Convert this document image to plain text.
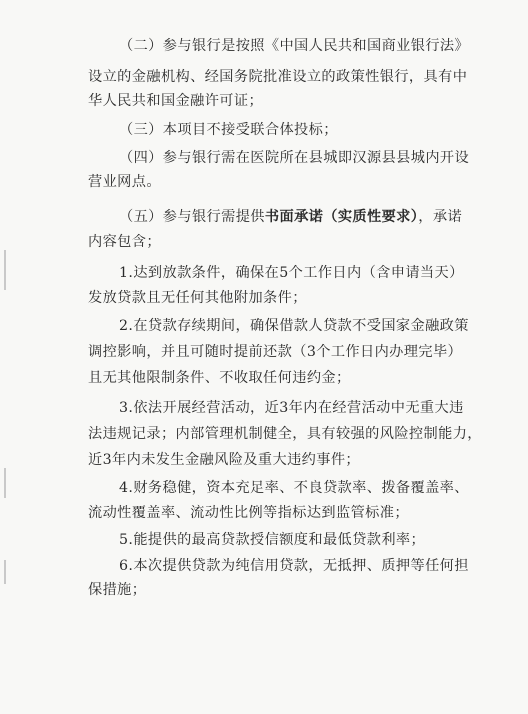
（二）参与银行是按照《中国人民共和国商业银行法》
设立的金融机构、经国务院批准设立的政策性银行，具有中
华人民共和国金融许可证；
（三）本项目不接受联合体投标；
（四）参与银行需在医院所在县城即汉源县县城内开设
营业网点。
（五）参与银行需提供书面承诺（实质性要求），承诺
内容包含；
1.达到放款条件，确保在5个工作日内（含申请当天）
发放贷款且无任何其他附加条件；
2.在贷款存续期间，确保借款人贷款不受国家金融政策
调控影响，并且可随时提前还款（3个工作日内办理完毕）
且无其他限制条件、不收取任何违约金；
3.依法开展经营活动，近3年内在经营活动中无重大违
法违规记录；内部管理机制健全，具有较强的风险控制能力，
近3年内未发生金融风险及重大违约事件；
4.财务稳健，资本充足率、不良贷款率、拨备覆盖率、
流动性覆盖率、流动性比例等指标达到监管标准；
5.能提供的最高贷款授信额度和最低贷款利率；
6.本次提供贷款为纯信用贷款，无抵押、质押等任何担
保措施；
